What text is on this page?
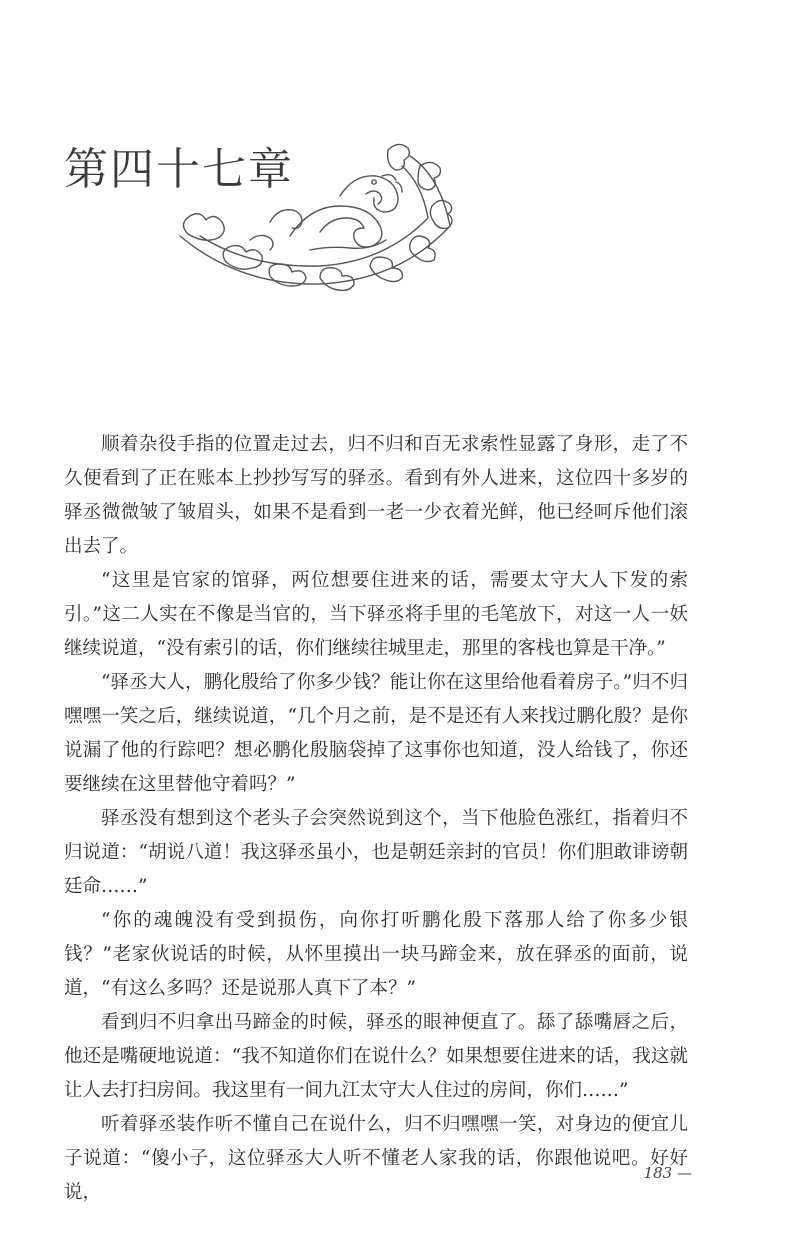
第四十七章

顺着杂役手指的位置走过去，归不归和百无求索性显露了身形，走了不久便看到了正在账本上抄抄写写的驿丞。看到有外人进来，这位四十多岁的驿丞微微皱了皱眉头，如果不是看到一老一少衣着光鲜，他已经呵斥他们滚出去了。

“这里是官家的馆驿，两位想要住进来的话，需要太守大人下发的索引。”这二人实在不像是当官的，当下驿丞将手里的毛笔放下，对这一人一妖继续说道，“没有索引的话，你们继续往城里走，那里的客栈也算是干净。”

“驿丞大人，鹏化殷给了你多少钱？能让你在这里给他看着房子。”归不归嘿嘿一笑之后，继续说道，“几个月之前，是不是还有人来找过鹏化殷？是你说漏了他的行踪吧？想必鹏化殷脑袋掉了这事你也知道，没人给钱了，你还要继续在这里替他守着吗？”

驿丞没有想到这个老头子会突然说到这个，当下他脸色涨红，指着归不归说道：“胡说八道！我这驿丞虽小，也是朝廷亲封的官员！你们胆敢诽谤朝廷命……”

“你的魂魄没有受到损伤，向你打听鹏化殷下落那人给了你多少银钱？”老家伙说话的时候，从怀里摸出一块马蹄金来，放在驿丞的面前，说道，“有这么多吗？还是说那人真下了本？”

看到归不归拿出马蹄金的时候，驿丞的眼神便直了。舔了舔嘴唇之后，他还是嘴硬地说道：“我不知道你们在说什么？如果想要住进来的话，我这就让人去打扫房间。我这里有一间九江太守大人住过的房间，你们……”

听着驿丞装作听不懂自己在说什么，归不归嘿嘿一笑，对身边的便宜儿子说道：“傻小子，这位驿丞大人听不懂老人家我的话，你跟他说吧。好好说，

183 —
